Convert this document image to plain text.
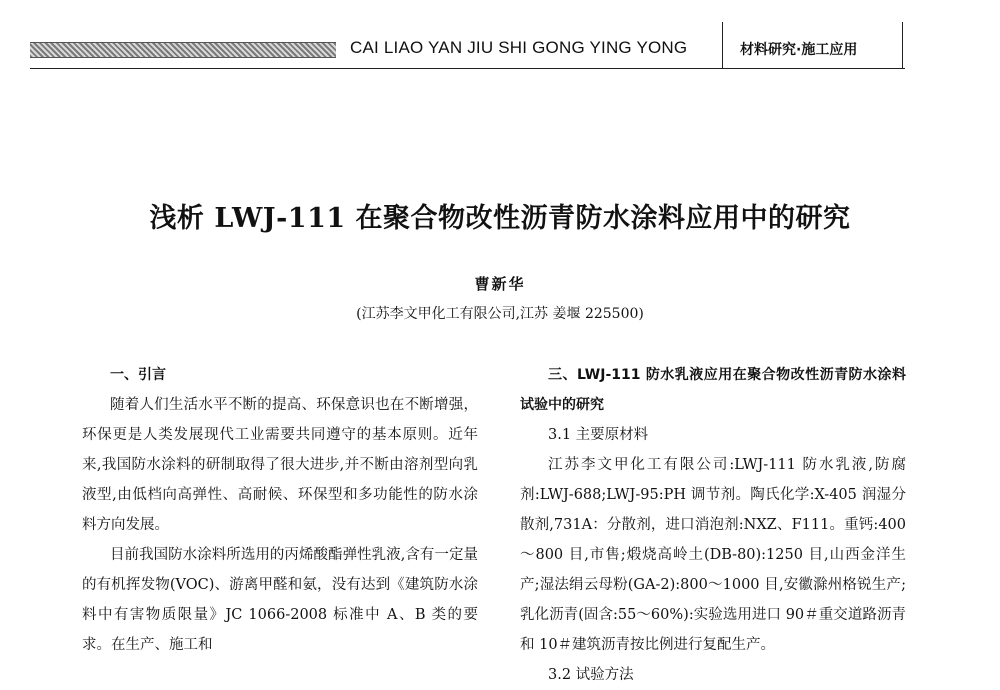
CAI LIAO YAN JIU SHI GONG YING YONG	材料研究·施工应用
浅析 LWJ-111 在聚合物改性沥青防水涂料应用中的研究
曹新华
(江苏李文甲化工有限公司,江苏 姜堰 225500)

一、引言

随着人们生活水平不断的提高、环保意识也在不断增强，环保更是人类发展现代工业需要共同遵守的基本原则。近年来,我国防水涂料的研制取得了很大进步,并不断由溶剂型向乳液型,由低档向高弹性、高耐候、环保型和多功能性的防水涂料方向发展。

目前我国防水涂料所选用的丙烯酸酯弹性乳液,含有一定量的有机挥发物(VOC)、游离甲醛和氨，没有达到《建筑防水涂料中有害物质限量》JC 1066-2008 标准中 A、B 类的要求。在生产、施工和

三、LWJ-111 防水乳液应用在聚合物改性沥青防水涂料试验中的研究

3.1 主要原材料

江苏李文甲化工有限公司:LWJ-111 防水乳液,防腐剂:LWJ-688;LWJ-95:PH 调节剂。陶氏化学:X-405 润湿分散剂,731A：分散剂，进口消泡剂:NXZ、F111。重钙:400～800 目,市售;煅烧高岭土(DB-80):1250 目,山西金洋生产;湿法绢云母粉(GA-2):800～1000 目,安徽滁州格锐生产;乳化沥青(固含:55～60%):实验选用进口 90＃重交道路沥青和 10＃建筑沥青按比例进行复配生产。

3.2 试验方法
